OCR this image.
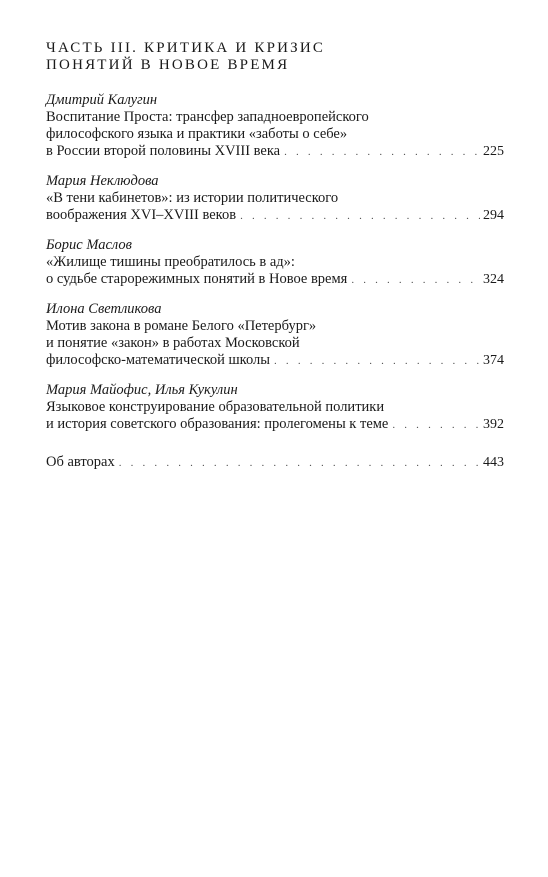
ЧАСТЬ III. КРИТИКА И КРИЗИС
ПОНЯТИЙ В НОВОЕ ВРЕМЯ
Дмитрий Калугин
Воспитание Проста: трансфер западноевропейского
философского языка и практики «заботы о себе»
в России второй половины XVIII века . . .	225
Мария Неклюдова
«В тени кабинетов»: из истории политического
воображения XVI–XVIII веков . . .	294
Борис Маслов
«Жилище тишины преобратилось в ад»:
о судьбе старорежимных понятий в Новое время . . .	324
Илона Светликова
Мотив закона в романе Белого «Петербург»
и понятие «закон» в работах Московской
философско-математической школы . . .	374
Мария Майофис, Илья Кукулин
Языковое конструирование образовательной политики
и история советского образования: пролегомены к теме . . .	392
Об авторах . . .	443
